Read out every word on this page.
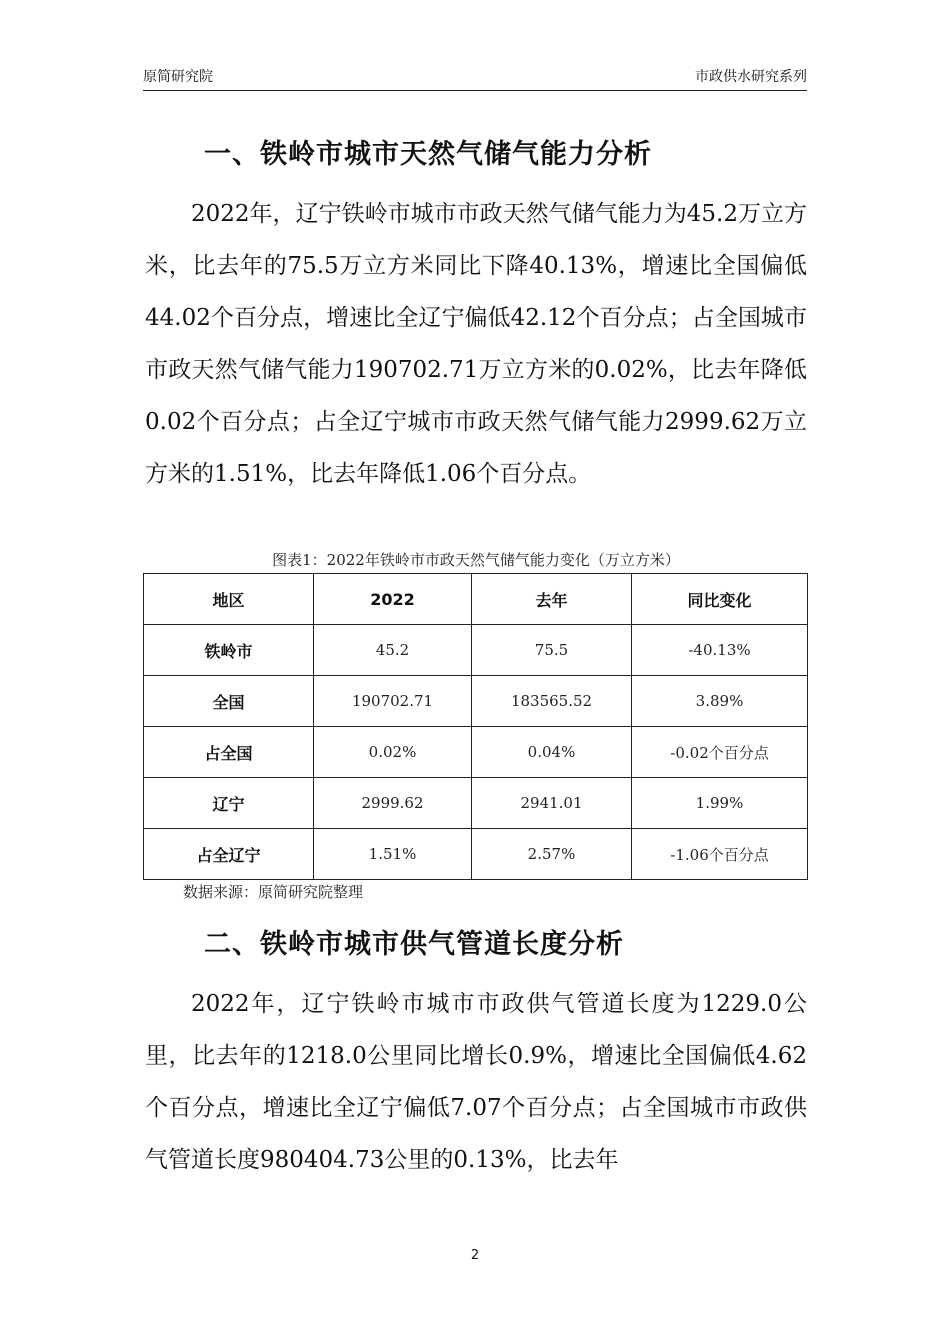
原简研究院	市政供水研究系列
一、铁岭市城市天然气储气能力分析

2022年，辽宁铁岭市城市市政天然气储气能力为45.2万立方米，比去年的75.5万立方米同比下降40.13%，增速比全国偏低44.02个百分点，增速比全辽宁偏低42.12个百分点；占全国城市市政天然气储气能力190702.71万立方米的0.02%，比去年降低0.02个百分点；占全辽宁城市市政天然气储气能力2999.62万立方米的1.51%，比去年降低1.06个百分点。

图表1：2022年铁岭市市政天然气储气能力变化（万立方米）
地区	2022	去年	同比变化
铁岭市	45.2	75.5	-40.13%
全国	190702.71	183565.52	3.89%
占全国	0.02%	0.04%	-0.02个百分点
辽宁	2999.62	2941.01	1.99%
占全辽宁	1.51%	2.57%	-1.06个百分点
数据来源：原简研究院整理
二、铁岭市城市供气管道长度分析

2022年，辽宁铁岭市城市市政供气管道长度为1229.0公里，比去年的1218.0公里同比增长0.9%，增速比全国偏低4.62个百分点，增速比全辽宁偏低7.07个百分点；占全国城市市政供气管道长度980404.73公里的0.13%，比去年

2
